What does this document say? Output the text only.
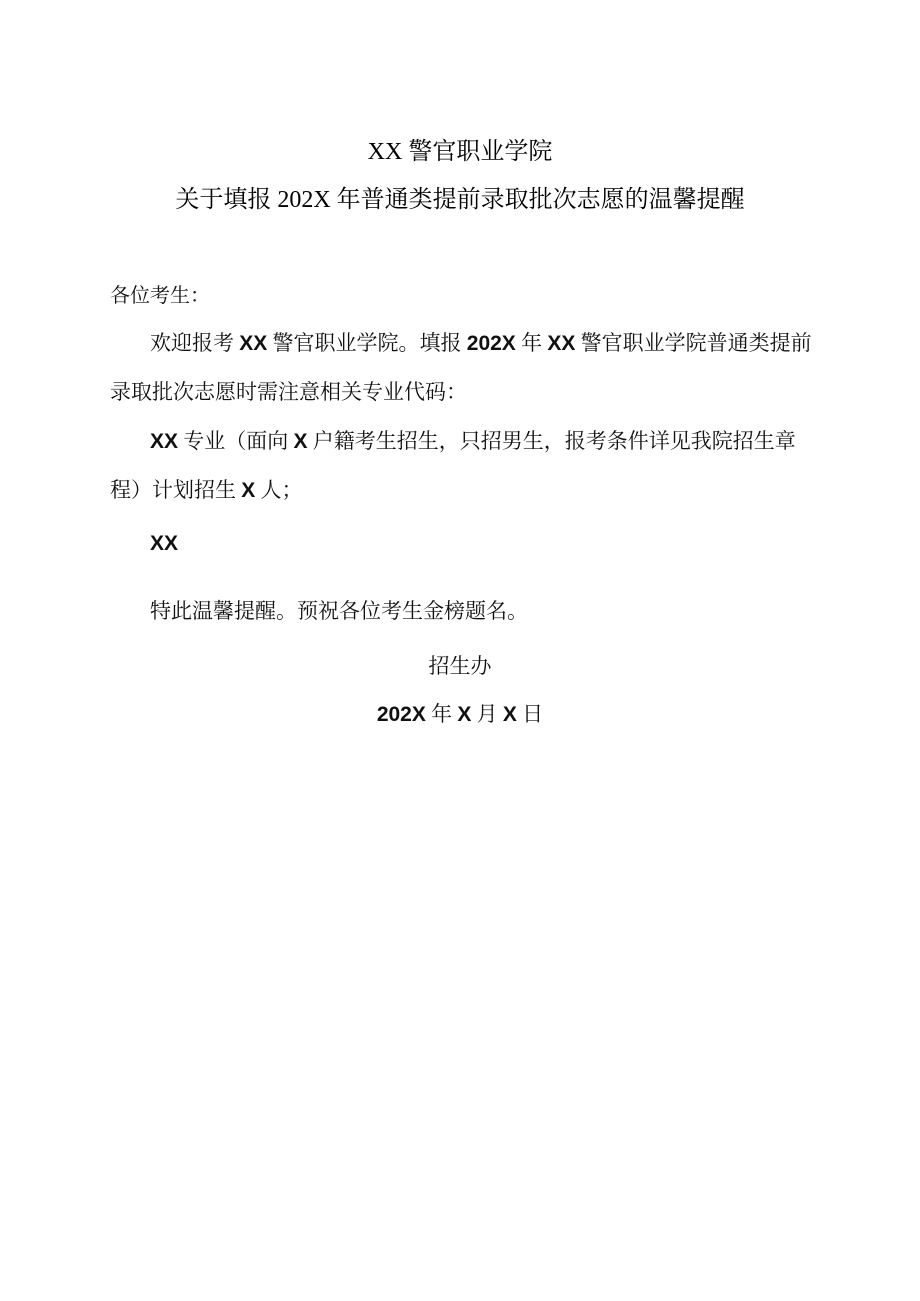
XX 警官职业学院
关于填报 202X 年普通类提前录取批次志愿的温馨提醒
各位考生：
欢迎报考 XX 警官职业学院。填报 202X 年 XX 警官职业学院普通类提前
录取批次志愿时需注意相关专业代码：
XX 专业（面向 X 户籍考生招生，只招男生，报考条件详见我院招生章
程）计划招生 X 人；
XX
特此温馨提醒。预祝各位考生金榜题名。
招生办
202X 年 X 月 X 日
